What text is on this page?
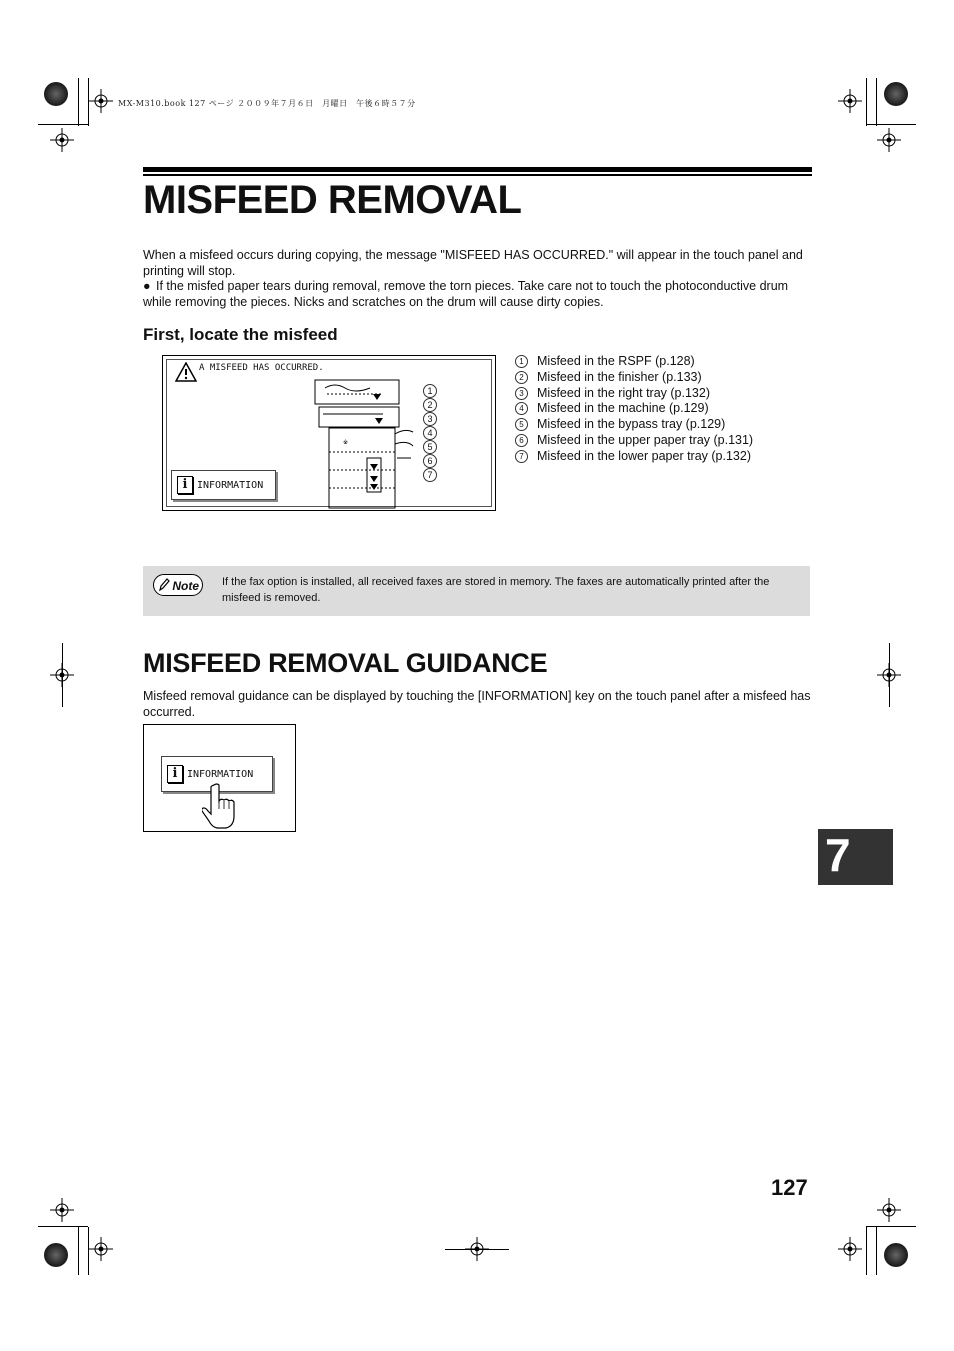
MX-M310.book 127 ページ ２００９年７月６日　月曜日　午後６時５７分
MISFEED REMOVAL
When a misfeed occurs during copying, the message "MISFEED HAS OCCURRED." will appear in the touch panel and printing will stop.
● If the misfed paper tears during removal, remove the torn pieces. Take care not to touch the photoconductive drum while removing the pieces. Nicks and scratches on the drum will cause dirty copies.
First, locate the misfeed
A MISFEED HAS OCCURRED.
※
1
2
3
4
5
6
7
i INFORMATION
1 Misfeed in the RSPF (p.128)
2 Misfeed in the finisher (p.133)
3 Misfeed in the right tray (p.132)
4 Misfeed in the machine (p.129)
5 Misfeed in the bypass tray (p.129)
6 Misfeed in the upper paper tray (p.131)
7 Misfeed in the lower paper tray (p.132)
Note	If the fax option is installed, all received faxes are stored in memory. The faxes are automatically printed after the misfeed is removed.
MISFEED REMOVAL GUIDANCE
Misfeed removal guidance can be displayed by touching the [INFORMATION] key on the touch panel after a misfeed has occurred.
i INFORMATION
7
127
